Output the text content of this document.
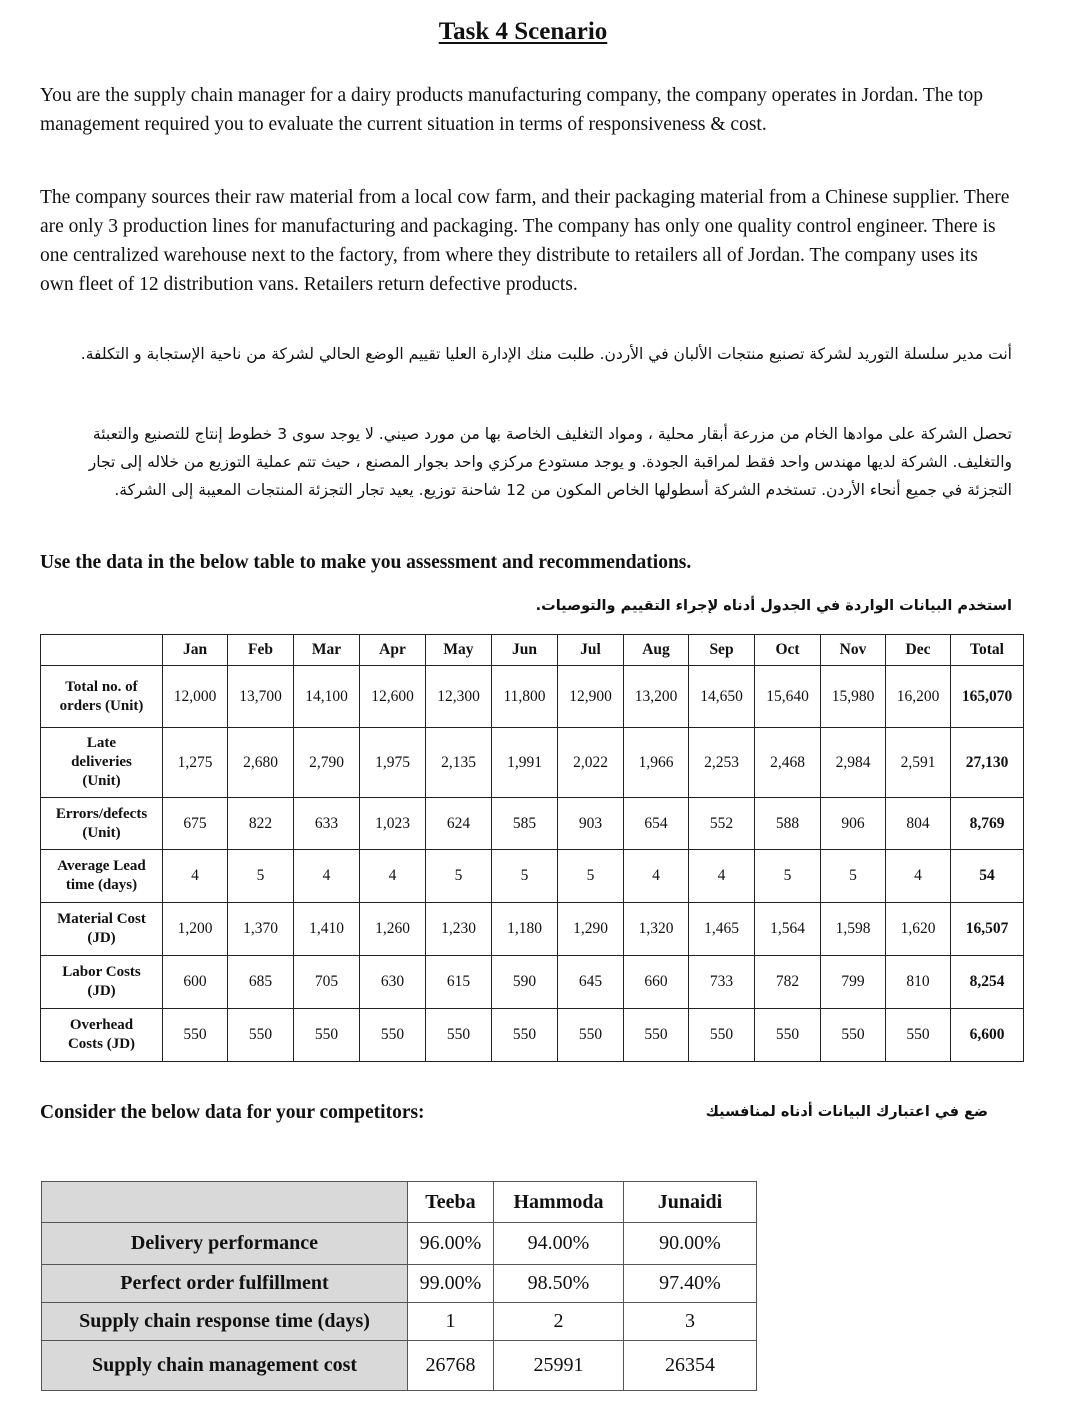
Task 4 Scenario

You are the supply chain manager for a dairy products manufacturing company, the company operates in Jordan. The top management required you to evaluate the current situation in terms of responsiveness & cost.

The company sources their raw material from a local cow farm, and their packaging material from a Chinese supplier. There are only 3 production lines for manufacturing and packaging. The company has only one quality control engineer. There is one centralized warehouse next to the factory, from where they distribute to retailers all of Jordan. The company uses its own fleet of 12 distribution vans. Retailers return defective products.

أنت مدير سلسلة التوريد لشركة تصنيع منتجات الألبان في الأردن. طلبت منك الإدارة العليا تقييم الوضع الحالي لشركة من ناحية الإستجابة و التكلفة.

تحصل الشركة على موادها الخام من مزرعة أبقار محلية ، ومواد التغليف الخاصة بها من مورد صيني. لا يوجد سوى 3 خطوط إنتاج للتصنيع والتعبئة والتغليف. الشركة لديها مهندس واحد فقط لمراقبة الجودة. و يوجد مستودع مركزي واحد بجوار المصنع ، حيث تتم عملية التوزيع من خلاله إلى تجار التجزئة في جميع أنحاء الأردن. تستخدم الشركة أسطولها الخاص المكون من 12 شاحنة توزيع. يعيد تجار التجزئة المنتجات المعيبة إلى الشركة.

Use the data in the below table to make you assessment and recommendations.

استخدم البيانات الواردة في الجدول أدناه لإجراء التقييم والتوصيات.

	Jan	Feb	Mar	Apr	May	Jun	Jul	Aug	Sep	Oct	Nov	Dec	Total

Total no. of
orders (Unit)	12,000	13,700	14,100	12,600	12,300	11,800	12,900	13,200	14,650	15,640	15,980	16,200	165,070

Late
deliveries
(Unit)	1,275	2,680	2,790	1,975	2,135	1,991	2,022	1,966	2,253	2,468	2,984	2,591	27,130

Errors/defects
(Unit)	675	822	633	1,023	624	585	903	654	552	588	906	804	8,769

Average Lead
time (days)	4	5	4	4	5	5	5	4	4	5	5	4	54

Material Cost
(JD)	1,200	1,370	1,410	1,260	1,230	1,180	1,290	1,320	1,465	1,564	1,598	1,620	16,507

Labor Costs
(JD)	600	685	705	630	615	590	645	660	733	782	799	810	8,254

Overhead
Costs (JD)	550	550	550	550	550	550	550	550	550	550	550	550	6,600

Consider the below data for your competitors:	ضع في اعتبارك البيانات أدناه لمنافسيك

	Teeba	Hammoda	Junaidi
Delivery performance	96.00%	94.00%	90.00%
Perfect order fulfillment	99.00%	98.50%	97.40%
Supply chain response time (days)	1	2	3
Supply chain management cost	26768	25991	26354
